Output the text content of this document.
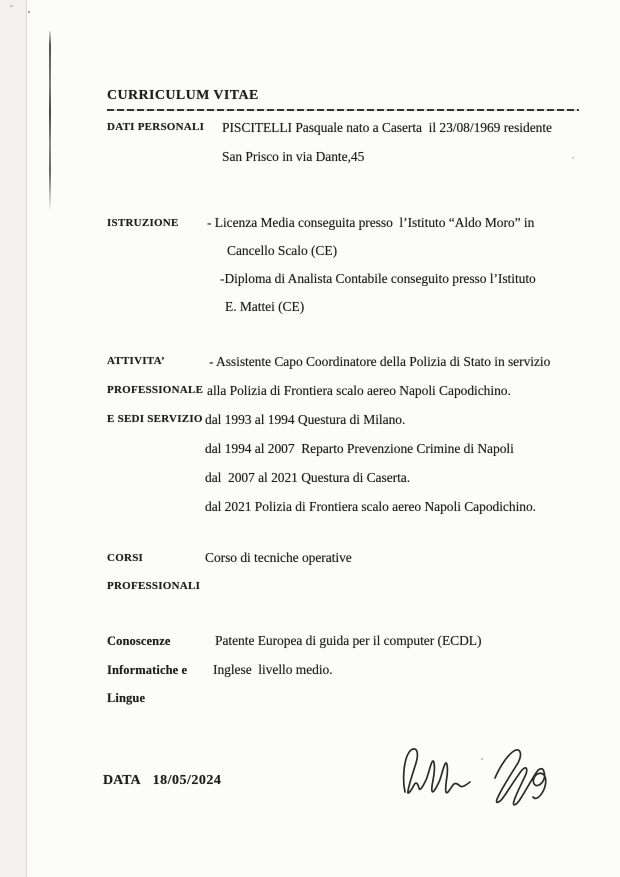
CURRICULUM VITAE
DATI PERSONALI	PISCITELLI Pasquale nato a Caserta  il 23/08/1969 residente
San Prisco in via Dante,45
ISTRUZIONE - Licenza Media conseguita presso  l’Istituto “Aldo Moro” in
Cancello Scalo (CE)
-Diploma di Analista Contabile conseguito presso l’Istituto
E. Mattei (CE)
ATTIVITA’
PROFESSIONALE
E SEDI SERVIZIO
- Assistente Capo Coordinatore della Polizia di Stato in servizio
alla Polizia di Frontiera scalo aereo Napoli Capodichino.
dal 1993 al 1994 Questura di Milano.
dal 1994 al 2007  Reparto Prevenzione Crimine di Napoli
dal  2007 al 2021 Questura di Caserta.
dal 2021 Polizia di Frontiera scalo aereo Napoli Capodichino.
CORSI
PROFESSIONALI
Corso di tecniche operative
Conoscenze
Informatiche e
Lingue
Patente Europea di guida per il computer (ECDL)
Inglese  livello medio.
DATA 18/05/2024
